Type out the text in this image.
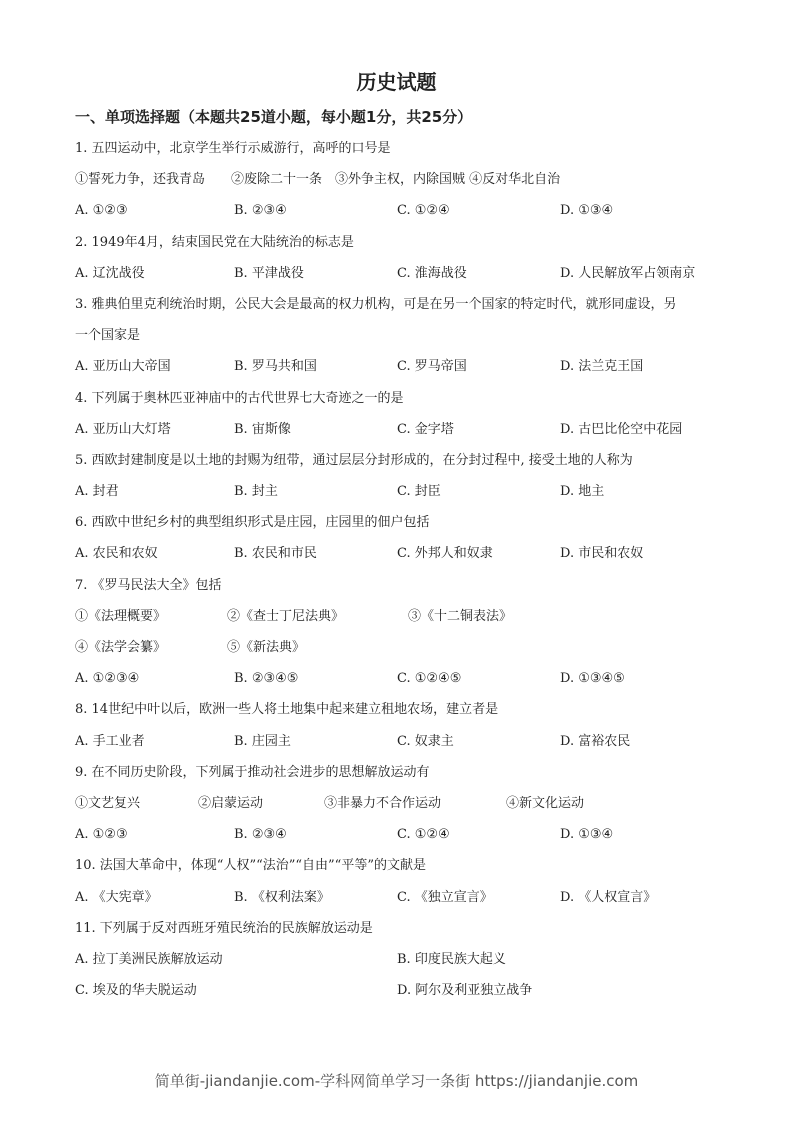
历史试题
一、单项选择题（本题共25道小题，每小题1分，共25分）
1. 五四运动中，北京学生举行示威游行，高呼的口号是
①誓死力争，还我青岛　　②废除二十一条　③外争主权，内除国贼 ④反对华北自治
A. ①②③	B. ②③④	C. ①②④	D. ①③④
2. 1949年4月，结束国民党在大陆统治的标志是
A. 辽沈战役	B. 平津战役	C. 淮海战役	D. 人民解放军占领南京
3. 雅典伯里克利统治时期，公民大会是最高的权力机构，可是在另一个国家的特定时代，就形同虚设，另
一个国家是
A. 亚历山大帝国	B. 罗马共和国	C. 罗马帝国	D. 法兰克王国
4. 下列属于奥林匹亚神庙中的古代世界七大奇迹之一的是
A. 亚历山大灯塔	B. 宙斯像	C. 金字塔	D. 古巴比伦空中花园
5. 西欧封建制度是以土地的封赐为纽带，通过层层分封形成的，在分封过程中, 接受土地的人称为
A. 封君	B. 封主	C. 封臣	D. 地主
6. 西欧中世纪乡村的典型组织形式是庄园，庄园里的佃户包括
A. 农民和农奴	B. 农民和市民	C. 外邦人和奴隶	D. 市民和农奴
7. 《罗马民法大全》包括
①《法理概要》	②《查士丁尼法典》	③《十二铜表法》
④《法学会纂》	⑤《新法典》
A. ①②③④	B. ②③④⑤	C. ①②④⑤	D. ①③④⑤
8. 14世纪中叶以后，欧洲一些人将土地集中起来建立租地农场，建立者是
A. 手工业者	B. 庄园主	C. 奴隶主	D. 富裕农民
9. 在不同历史阶段，下列属于推动社会进步的思想解放运动有
①文艺复兴	②启蒙运动	③非暴力不合作运动	④新文化运动
A. ①②③	B. ②③④	C. ①②④	D. ①③④
10. 法国大革命中，体现“人权”“法治”“自由”“平等”的文献是
A. 《大宪章》	B. 《权利法案》	C. 《独立宣言》	D. 《人权宣言》
11. 下列属于反对西班牙殖民统治的民族解放运动是
A. 拉丁美洲民族解放运动	B. 印度民族大起义
C. 埃及的华夫脱运动	D. 阿尔及利亚独立战争
简单街-jiandanjie.com-学科网简单学习一条街 https://jiandanjie.com
